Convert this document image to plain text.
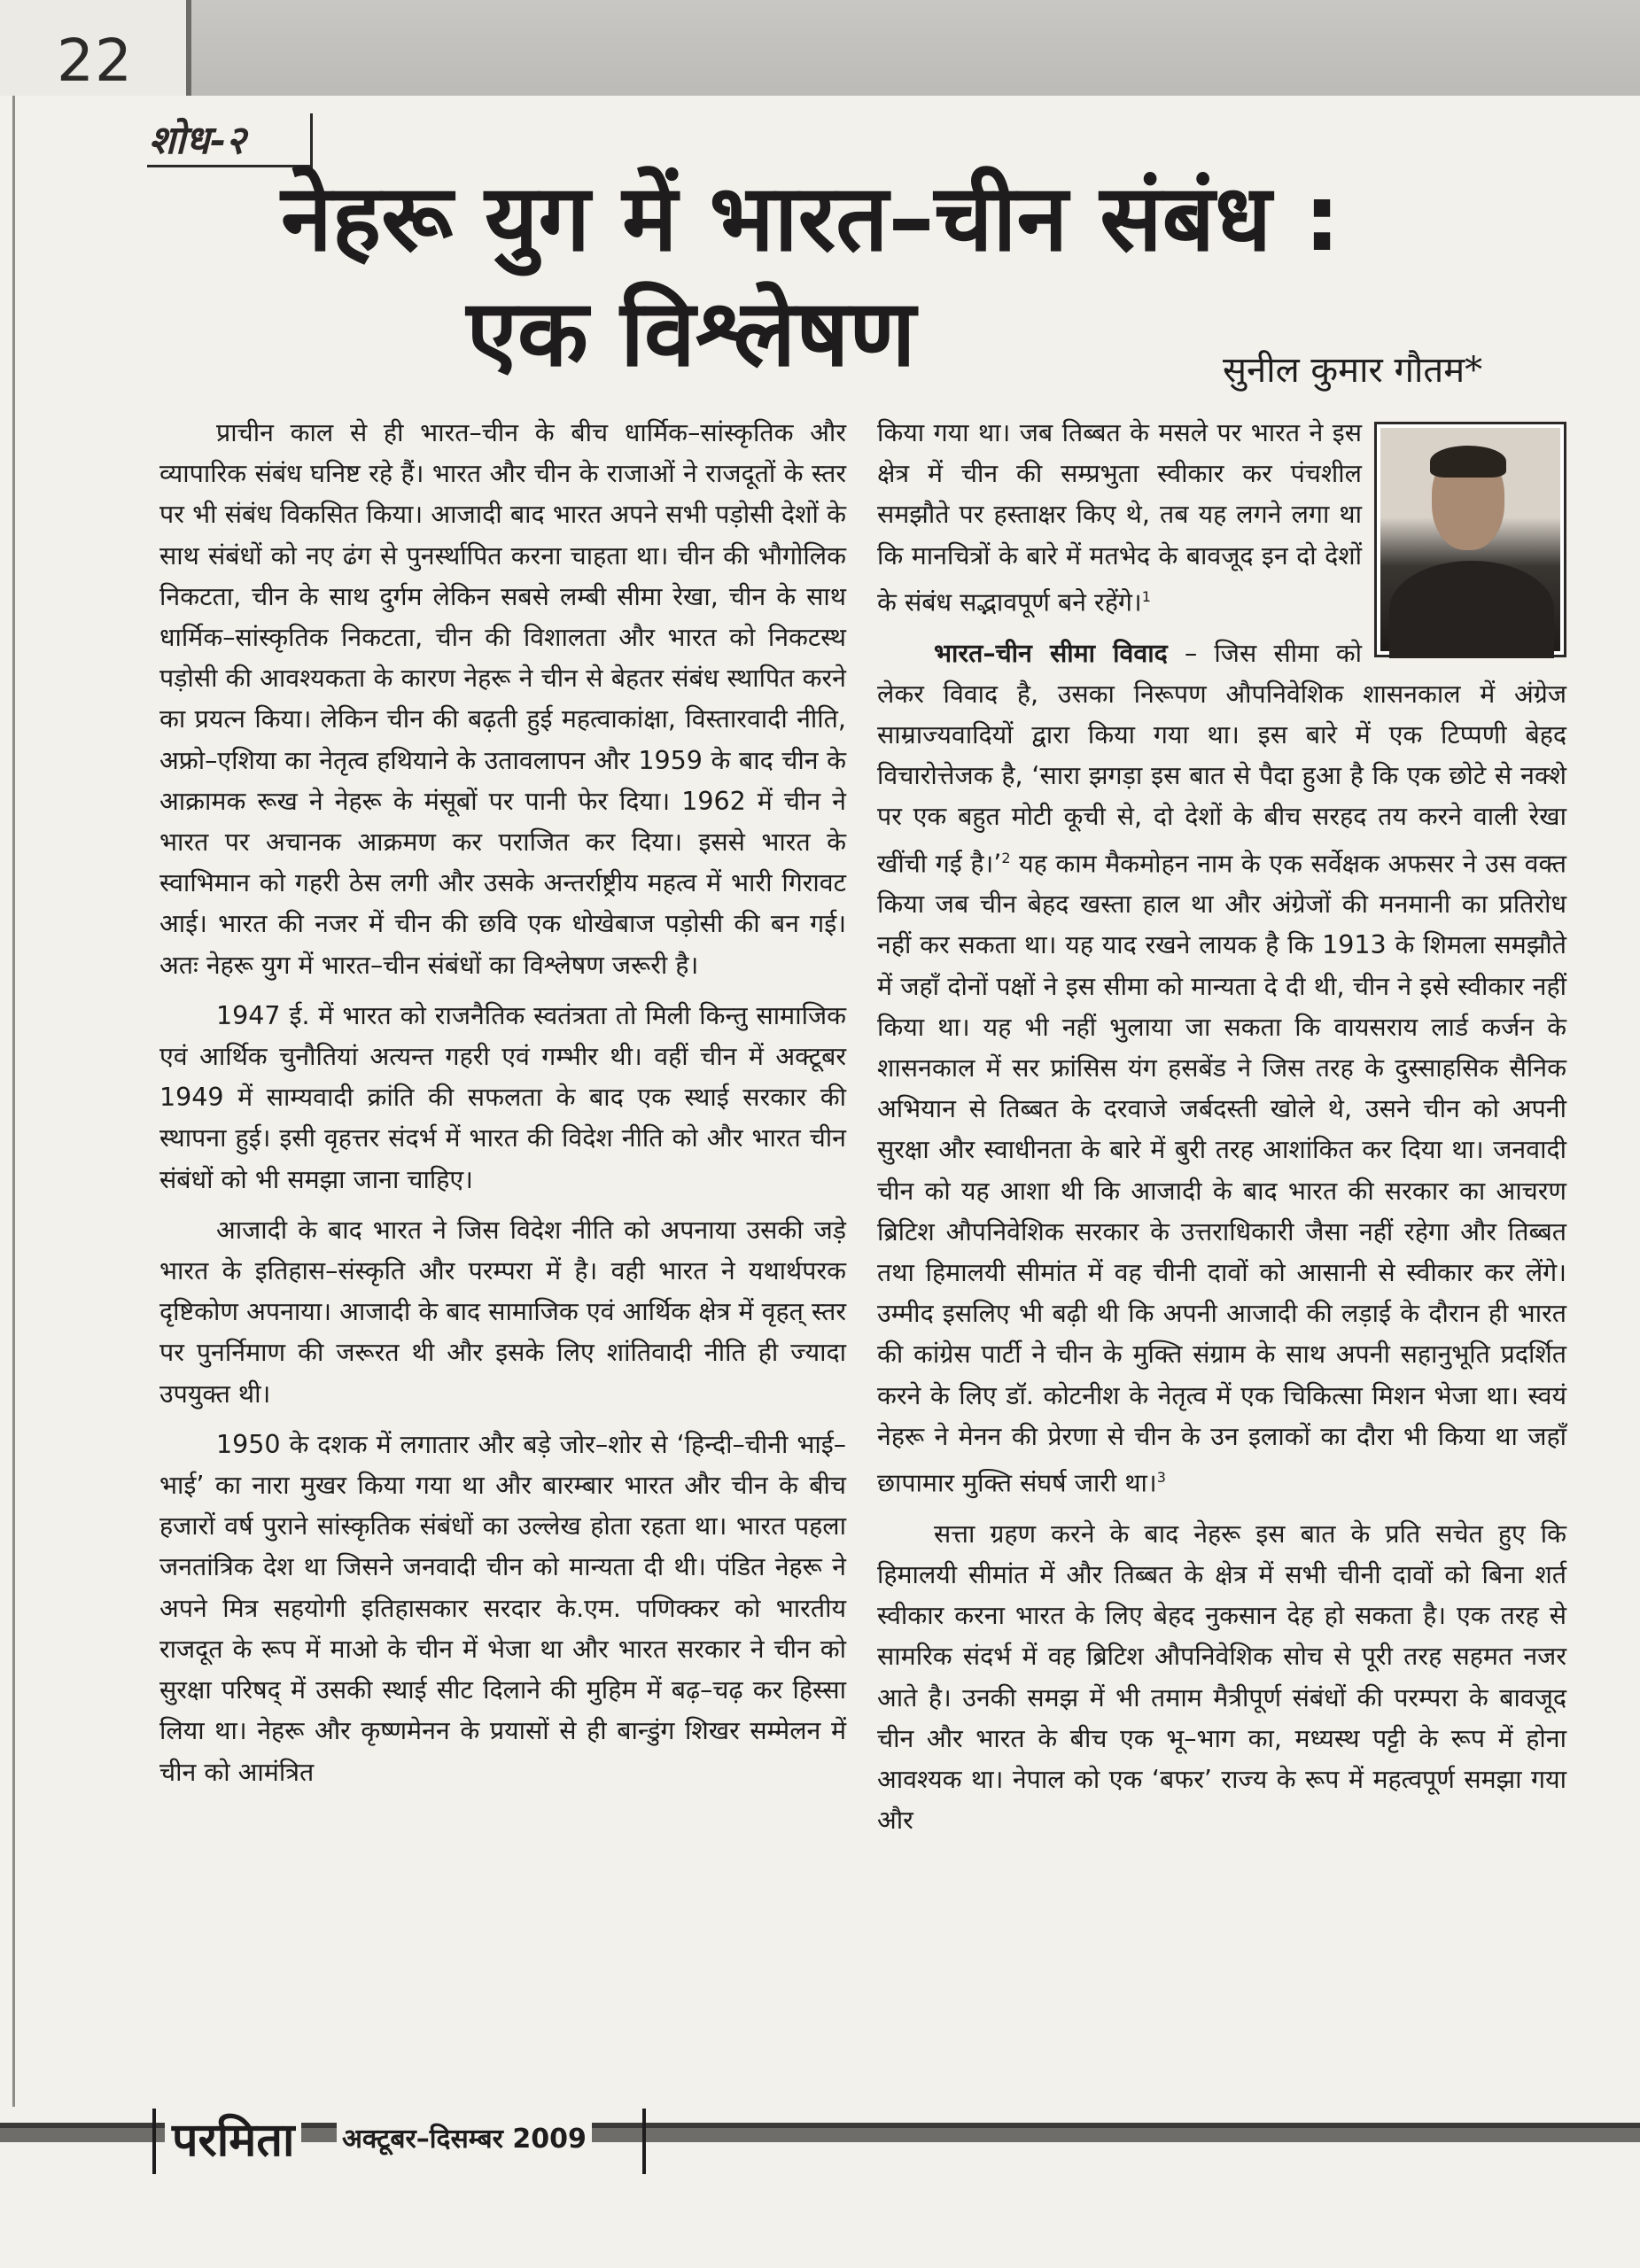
22
शोध-२
नेहरू युग में भारत–चीन संबंध :
एक विश्लेषण	सुनील कुमार गौतम*

प्राचीन काल से ही भारत–चीन के बीच धार्मिक–सांस्कृतिक और व्यापारिक संबंध घनिष्ट रहे हैं। भारत और चीन के राजाओं ने राजदूतों के स्तर पर भी संबंध विकसित किया। आजादी बाद भारत अपने सभी पड़ोसी देशों के साथ संबंधों को नए ढंग से पुनर्स्थापित करना चाहता था। चीन की भौगोलिक निकटता, चीन के साथ दुर्गम लेकिन सबसे लम्बी सीमा रेखा, चीन के साथ धार्मिक–सांस्कृतिक निकटता, चीन की विशालता और भारत को निकटस्थ पड़ोसी की आवश्यकता के कारण नेहरू ने चीन से बेहतर संबंध स्थापित करने का प्रयत्न किया। लेकिन चीन की बढ़ती हुई महत्वाकांक्षा, विस्तारवादी नीति, अफ्रो–एशिया का नेतृत्व हथियाने के उतावलापन और 1959 के बाद चीन के आक्रामक रूख ने नेहरू के मंसूबों पर पानी फेर दिया। 1962 में चीन ने भारत पर अचानक आक्रमण कर पराजित कर दिया। इससे भारत के स्वाभिमान को गहरी ठेस लगी और उसके अन्तर्राष्ट्रीय महत्व में भारी गिरावट आई। भारत की नजर में चीन की छवि एक धोखेबाज पड़ोसी की बन गई। अतः नेहरू युग में भारत–चीन संबंधों का विश्लेषण जरूरी है।

1947 ई. में भारत को राजनैतिक स्वतंत्रता तो मिली किन्तु सामाजिक एवं आर्थिक चुनौतियां अत्यन्त गहरी एवं गम्भीर थी। वहीं चीन में अक्टूबर 1949 में साम्यवादी क्रांति की सफलता के बाद एक स्थाई सरकार की स्थापना हुई। इसी वृहत्तर संदर्भ में भारत की विदेश नीति को और भारत चीन संबंधों को भी समझा जाना चाहिए।

आजादी के बाद भारत ने जिस विदेश नीति को अपनाया उसकी जड़े भारत के इतिहास–संस्कृति और परम्परा में है। वही भारत ने यथार्थपरक दृष्टिकोण अपनाया। आजादी के बाद सामाजिक एवं आर्थिक क्षेत्र में वृहत् स्तर पर पुनर्निमाण की जरूरत थी और इसके लिए शांतिवादी नीति ही ज्यादा उपयुक्त थी।

1950 के दशक में लगातार और बड़े जोर–शोर से ‘हिन्दी–चीनी भाई–भाई’ का नारा मुखर किया गया था और बारम्बार भारत और चीन के बीच हजारों वर्ष पुराने सांस्कृतिक संबंधों का उल्लेख होता रहता था। भारत पहला जनतांत्रिक देश था जिसने जनवादी चीन को मान्यता दी थी। पंडित नेहरू ने अपने मित्र सहयोगी इतिहासकार सरदार के.एम. पणिक्कर को भारतीय राजदूत के रूप में माओ के चीन में भेजा था और भारत सरकार ने चीन को सुरक्षा परिषद् में उसकी स्थाई सीट दिलाने की मुहिम में बढ़–चढ़ कर हिस्सा लिया था। नेहरू और कृष्णमेनन के प्रयासों से ही बान्डुंग शिखर सम्मेलन में चीन को आमंत्रित

किया गया था। जब तिब्बत के मसले पर भारत ने इस क्षेत्र में चीन की सम्प्रभुता स्वीकार कर पंचशील समझौते पर हस्ताक्षर किए थे, तब यह लगने लगा था कि मानचित्रों के बारे में मतभेद के बावजूद इन दो देशों के संबंध सद्भावपूर्ण बने रहेंगे।$^1$

भारत–चीन सीमा विवाद – जिस सीमा को लेकर विवाद है, उसका निरूपण औपनिवेशिक शासनकाल में अंग्रेज साम्राज्यवादियों द्वारा किया गया था। इस बारे में एक टिप्पणी बेहद विचारोत्तेजक है, ‘सारा झगड़ा इस बात से पैदा हुआ है कि एक छोटे से नक्शे पर एक बहुत मोटी कूची से, दो देशों के बीच सरहद तय करने वाली रेखा खींची गई है।’$^2$ यह काम मैकमोहन नाम के एक सर्वेक्षक अफसर ने उस वक्त किया जब चीन बेहद खस्ता हाल था और अंग्रेजों की मनमानी का प्रतिरोध नहीं कर सकता था। यह याद रखने लायक है कि 1913 के शिमला समझौते में जहाँ दोनों पक्षों ने इस सीमा को मान्यता दे दी थी, चीन ने इसे स्वीकार नहीं किया था। यह भी नहीं भुलाया जा सकता कि वायसराय लार्ड कर्जन के शासनकाल में सर फ्रांसिस यंग हसबेंड ने जिस तरह के दुस्साहसिक सैनिक अभियान से तिब्बत के दरवाजे जर्बदस्ती खोले थे, उसने चीन को अपनी सुरक्षा और स्वाधीनता के बारे में बुरी तरह आशांकित कर दिया था। जनवादी चीन को यह आशा थी कि आजादी के बाद भारत की सरकार का आचरण ब्रिटिश औपनिवेशिक सरकार के उत्तराधिकारी जैसा नहीं रहेगा और तिब्बत तथा हिमालयी सीमांत में वह चीनी दावों को आसानी से स्वीकार कर लेंगे। उम्मीद इसलिए भी बढ़ी थी कि अपनी आजादी की लड़ाई के दौरान ही भारत की कांग्रेस पार्टी ने चीन के मुक्ति संग्राम के साथ अपनी सहानुभूति प्रदर्शित करने के लिए डॉ. कोटनीश के नेतृत्व में एक चिकित्सा मिशन भेजा था। स्वयं नेहरू ने मेनन की प्रेरणा से चीन के उन इलाकों का दौरा भी किया था जहाँ छापामार मुक्ति संघर्ष जारी था।$^3$

सत्ता ग्रहण करने के बाद नेहरू इस बात के प्रति सचेत हुए कि हिमालयी सीमांत में और तिब्बत के क्षेत्र में सभी चीनी दावों को बिना शर्त स्वीकार करना भारत के लिए बेहद नुकसान देह हो सकता है। एक तरह से सामरिक संदर्भ में वह ब्रिटिश औपनिवेशिक सोच से पूरी तरह सहमत नजर आते है। उनकी समझ में भी तमाम मैत्रीपूर्ण संबंधों की परम्परा के बावजूद चीन और भारत के बीच एक भू–भाग का, मध्यस्थ पट्टी के रूप में होना आवश्यक था। नेपाल को एक ‘बफर’ राज्य के रूप में महत्वपूर्ण समझा गया और

परमिता अक्टूबर–दिसम्बर 2009
